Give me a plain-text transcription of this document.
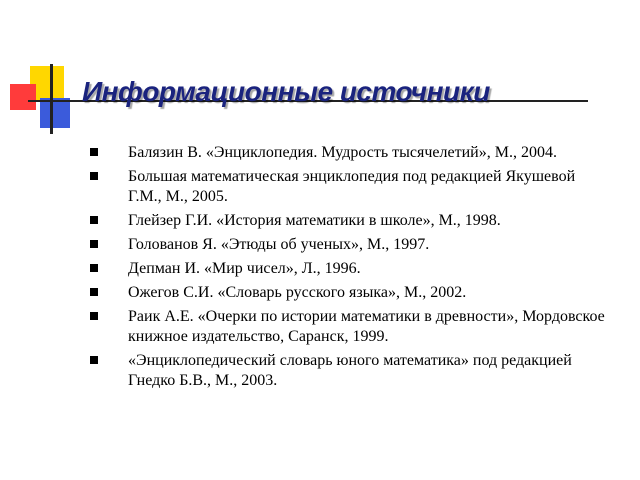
Информационные источники
Балязин В. «Энциклопедия. Мудрость тысячелетий», М., 2004.
Большая математическая энциклопедия под редакцией Якушевой Г.М., М., 2005.
Глейзер Г.И. «История математики в школе», М., 1998.
Голованов Я. «Этюды об ученых», М., 1997.
Депман И. «Мир чисел», Л., 1996.
Ожегов С.И. «Словарь русского языка», М., 2002.
Раик А.Е. «Очерки по истории математики в древности», Мордовское книжное издательство, Саранск, 1999.
«Энциклопедический словарь юного математика» под редакцией Гнедко Б.В., М., 2003.
